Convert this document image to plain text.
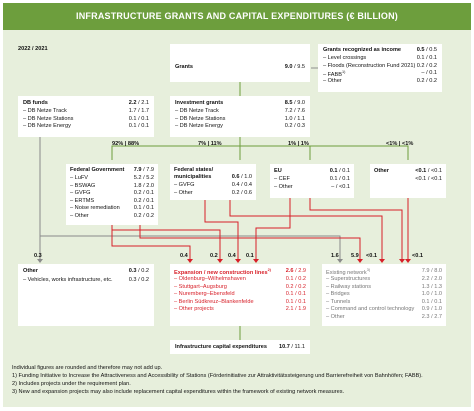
INFRASTRUCTURE GRANTS AND CAPITAL EXPENDITURES (€ BILLION)
2022 / 2021
Grants	9.0 / 9.5
Grants recognized as income	0.5 / 0.5
– Level crossings	0.1 / 0.1
– Floods (Reconstruction Fund 2021) 0.2 / 0.2
– FABB$^{1)}$	– / 0.1
– Other	0.2 / 0.2
DB funds	2.2 / 2.1
– DB Netze Track	1.7 / 1.7
– DB Netze Stations	0.1 / 0.1
– DB Netze Energy	0.1 / 0.1
Investment grants	8.5 / 9.0
– DB Netze Track	7.2 / 7.6
– DB Netze Stations	1.0 / 1.1
– DB Netze Energy	0.2 / 0.3
92% | 88%	7% | 11%	1% | 1%	<1% | <1%
Federal Government 7.9 / 7.9
– LuFV	5.2 / 5.2
– BSWAG	1.8 / 2.0
– GVFG	0.2 / 0.1
– ERTMS	0.2 / 0.1
– Noise remediation	0.1 / 0.1
– Other	0.2 / 0.2
Federal states/
municipalities	0.6 / 1.0
– GVFG	0.4 / 0.4
– Other	0.2 / 0.6
EU	0.1 / 0.1
– CEF	0.1 / 0.1
– Other	– / <0.1
Other	<0.1 / <0.1
<0.1 / <0.1
0.3	0.4	0.2 0.4 0.1	1.6 5.9 <0.1	<0.1
Other	0.3 / 0.2
– Vehicles, works infrastructure, etc.	0.3 / 0.2
Expansion / new construction lines$^{2)}$	2.6 / 2.9
– Oldenburg–Wilhelmshaven	0.1 / 0.2
– Stuttgart–Augsburg	0.2 / 0.2
– Nuremberg–Ebensfeld	0.1 / 0.1
– Berlin Südkreuz–Blankenfelde	0.1 / 0.1
– Other projects	2.1 / 1.9
Existing network$^{3)}$	7.9 / 8.0
– Superstructures	2.2 / 2.0
– Railway stations	1.3 / 1.3
– Bridges	1.0 / 1.0
– Tunnels	0.1 / 0.1
– Command and control technology 0.9 / 1.0
– Other	2.3 / 2.7
Infrastructure capital expenditures 10.7 / 11.1
Individual figures are rounded and therefore may not add up.
1) Funding Initiative to Increase the Attractiveness and Accessibility of Stations (Förderinitiative zur Attraktivitätssteigerung und Barrierefreiheit von Bahnhöfen; FABB).
2) Includes projects under the requirement plan.
3) New and expansion projects may also include replacement capital expenditures within the framework of existing network measures.
